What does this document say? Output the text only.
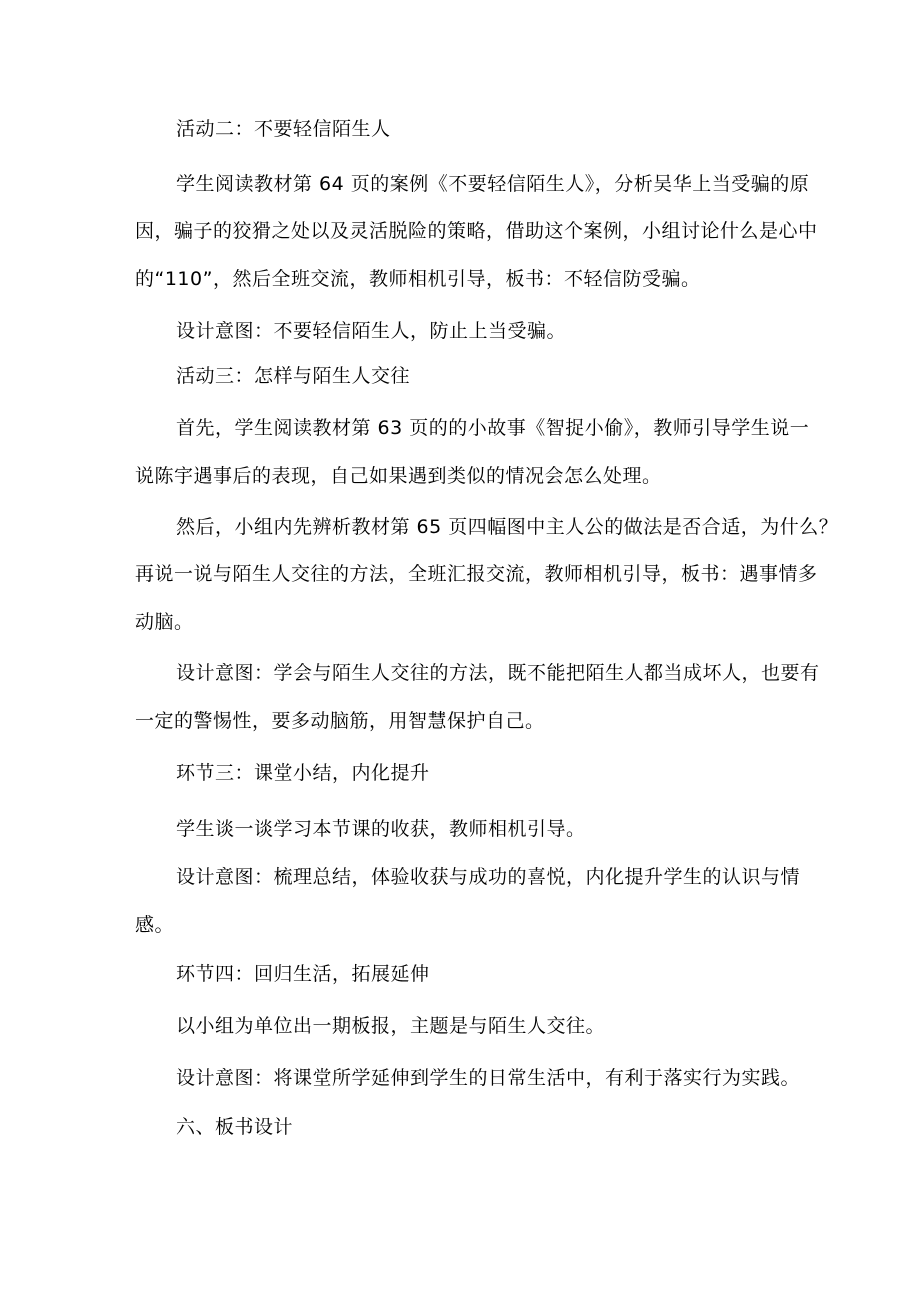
活动二：不要轻信陌生人

学生阅读教材第 64 页的案例《不要轻信陌生人》，分析吴华上当受骗的原

因，骗子的狡猾之处以及灵活脱险的策略，借助这个案例，小组讨论什么是心中

的“110”，然后全班交流，教师相机引导，板书：不轻信防受骗。

设计意图：不要轻信陌生人，防止上当受骗。

活动三：怎样与陌生人交往

首先，学生阅读教材第 63 页的的小故事《智捉小偷》，教师引导学生说一

说陈宇遇事后的表现，自己如果遇到类似的情况会怎么处理。

然后，小组内先辨析教材第 65 页四幅图中主人公的做法是否合适，为什么？

再说一说与陌生人交往的方法，全班汇报交流，教师相机引导，板书：遇事情多

动脑。

设计意图：学会与陌生人交往的方法，既不能把陌生人都当成坏人，也要有

一定的警惕性，要多动脑筋，用智慧保护自己。

环节三：课堂小结，内化提升

学生谈一谈学习本节课的收获，教师相机引导。

设计意图：梳理总结，体验收获与成功的喜悦，内化提升学生的认识与情

感。

环节四：回归生活，拓展延伸

以小组为单位出一期板报，主题是与陌生人交往。

设计意图：将课堂所学延伸到学生的日常生活中，有利于落实行为实践。

六、板书设计
